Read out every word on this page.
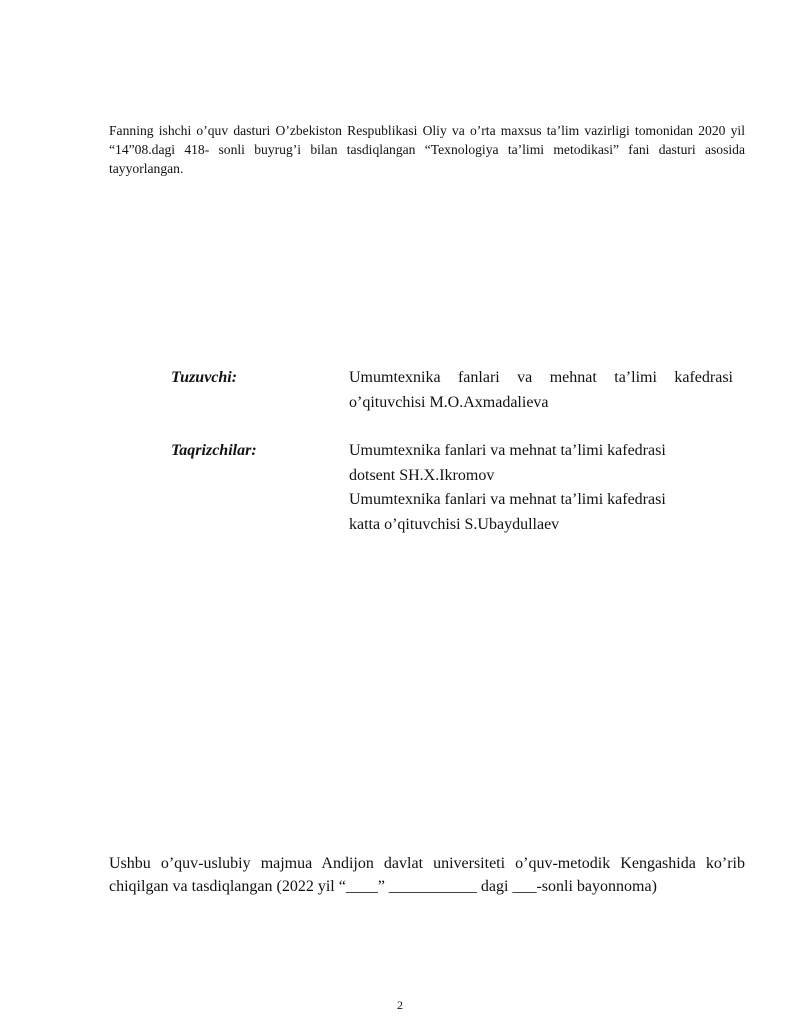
Fanning ishchi o’quv dasturi O’zbekiston Respublikasi Oliy va o’rta maxsus ta’lim vazirligi tomonidan 2020 yil “14”08.dagi 418- sonli buyrug’i bilan tasdiqlangan “Texnologiya ta’limi metodikasi” fani dasturi asosida tayyorlangan.

Tuzuvchi:	Umumtexnika fanlari va mehnat ta’limi kafedrasi
o’qituvchisi M.O.Axmadalieva
Taqrizchilar:	Umumtexnika fanlari va mehnat ta’limi kafedrasi
dotsent SH.X.Ikromov
Umumtexnika fanlari va mehnat ta’limi kafedrasi
katta o’qituvchisi S.Ubaydullaev

Ushbu o’quv-uslubiy majmua Andijon davlat universiteti o’quv-metodik Kengashida ko’rib chiqilgan va tasdiqlangan (2022 yil “____” ___________ dagi ___-sonli bayonnoma)

2
